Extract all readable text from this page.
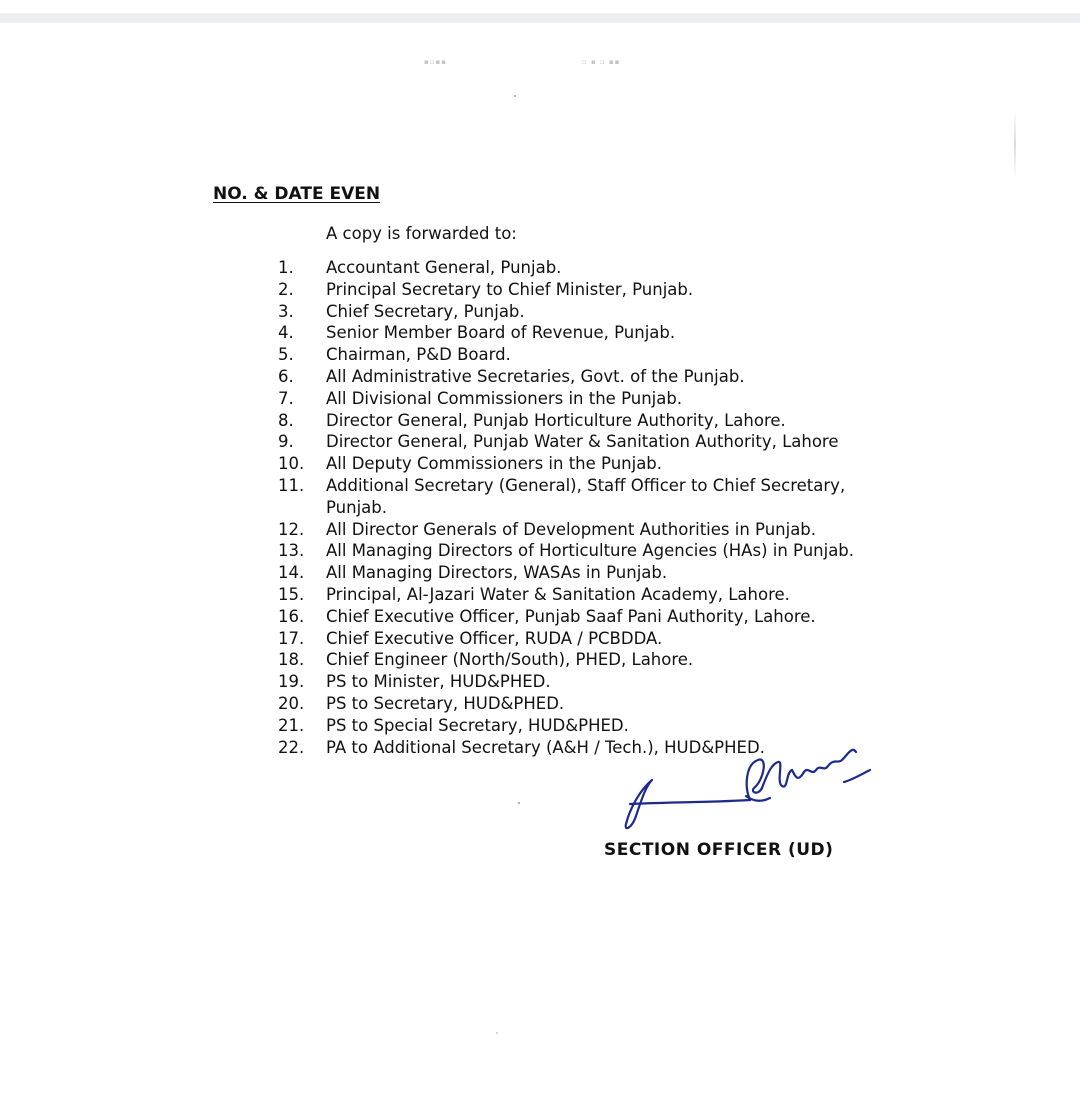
▪▫▪▪	▫ ▪ ▫ ▪▪
NO. & DATE EVEN

A copy is forwarded to:

1. Accountant General, Punjab.
2. Principal Secretary to Chief Minister, Punjab.
3. Chief Secretary, Punjab.
4. Senior Member Board of Revenue, Punjab.
5. Chairman, P&D Board.
6. All Administrative Secretaries, Govt. of the Punjab.
7. All Divisional Commissioners in the Punjab.
8. Director General, Punjab Horticulture Authority, Lahore.
9. Director General, Punjab Water & Sanitation Authority, Lahore
10. All Deputy Commissioners in the Punjab.
11. Additional Secretary (General), Staff Officer to Chief Secretary,
Punjab.
12. All Director Generals of Development Authorities in Punjab.
13. All Managing Directors of Horticulture Agencies (HAs) in Punjab.
14. All Managing Directors, WASAs in Punjab.
15. Principal, Al-Jazari Water & Sanitation Academy, Lahore.
16. Chief Executive Officer, Punjab Saaf Pani Authority, Lahore.
17. Chief Executive Officer, RUDA / PCBDDA.
18. Chief Engineer (North/South), PHED, Lahore.
19. PS to Minister, HUD&PHED.
20. PS to Secretary, HUD&PHED.
21. PS to Special Secretary, HUD&PHED.
22. PA to Additional Secretary (A&H / Tech.), HUD&PHED.

SECTION OFFICER (UD)
